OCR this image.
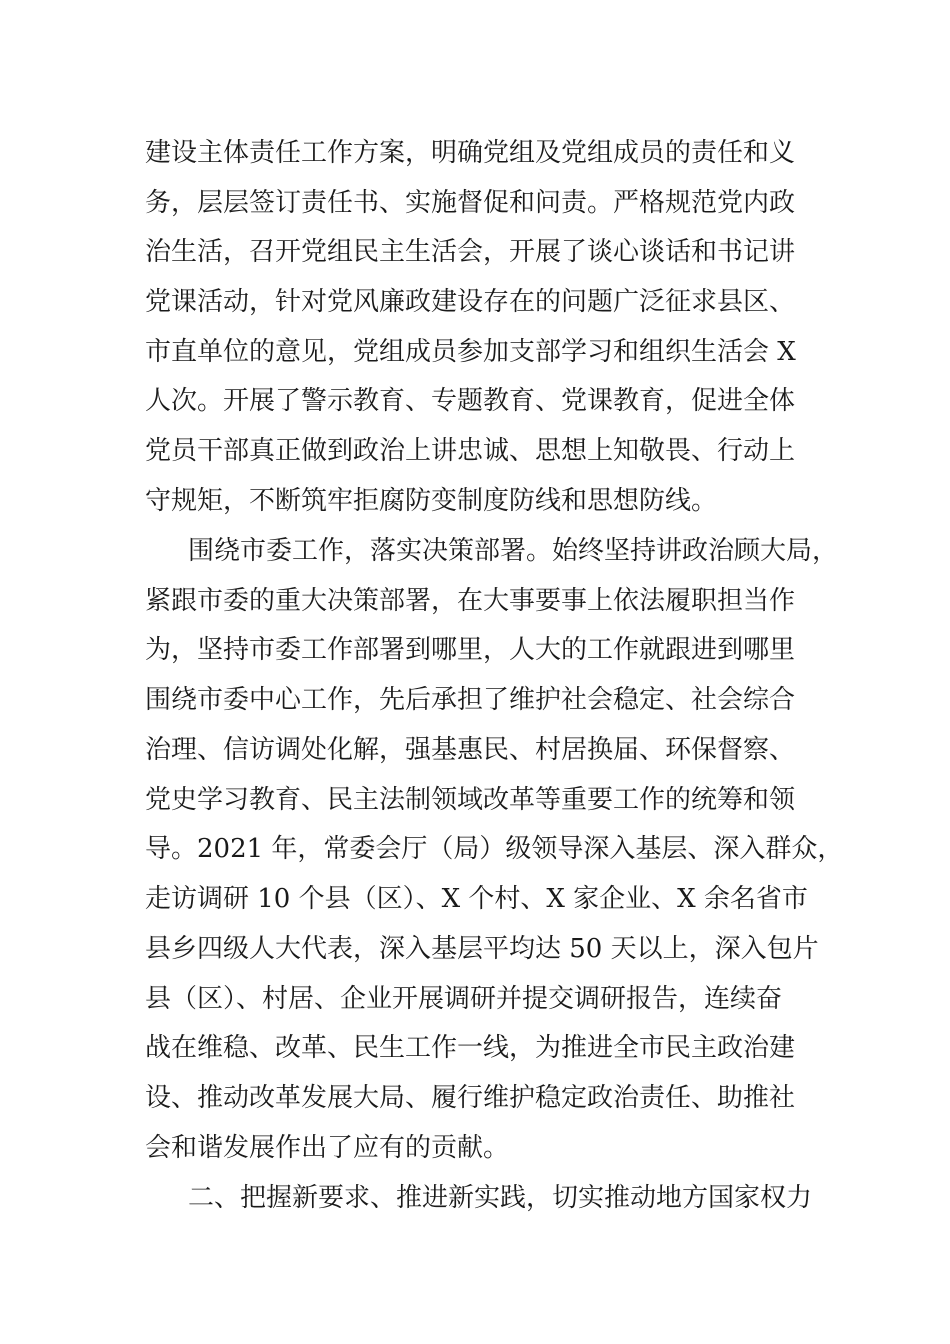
建设主体责任工作方案，明确党组及党组成员的责任和义
务，层层签订责任书、实施督促和问责。严格规范党内政
治生活，召开党组民主生活会，开展了谈心谈话和书记讲
党课活动，针对党风廉政建设存在的问题广泛征求县区、
市直单位的意见，党组成员参加支部学习和组织生活会 X
人次。开展了警示教育、专题教育、党课教育，促进全体
党员干部真正做到政治上讲忠诚、思想上知敬畏、行动上
守规矩，不断筑牢拒腐防变制度防线和思想防线。
围绕市委工作，落实决策部署。始终坚持讲政治顾大局，
紧跟市委的重大决策部署，在大事要事上依法履职担当作
为，坚持市委工作部署到哪里，人大的工作就跟进到哪里
围绕市委中心工作，先后承担了维护社会稳定、社会综合
治理、信访调处化解，强基惠民、村居换届、环保督察、
党史学习教育、民主法制领域改革等重要工作的统筹和领
导。2021 年，常委会厅（局）级领导深入基层、深入群众，
走访调研 10 个县（区）、X 个村、X 家企业、X 余名省市
县乡四级人大代表，深入基层平均达 50 天以上，深入包片
县（区）、村居、企业开展调研并提交调研报告，连续奋
战在维稳、改革、民生工作一线，为推进全市民主政治建
设、推动改革发展大局、履行维护稳定政治责任、助推社
会和谐发展作出了应有的贡献。
二、把握新要求、推进新实践，切实推动地方国家权力
